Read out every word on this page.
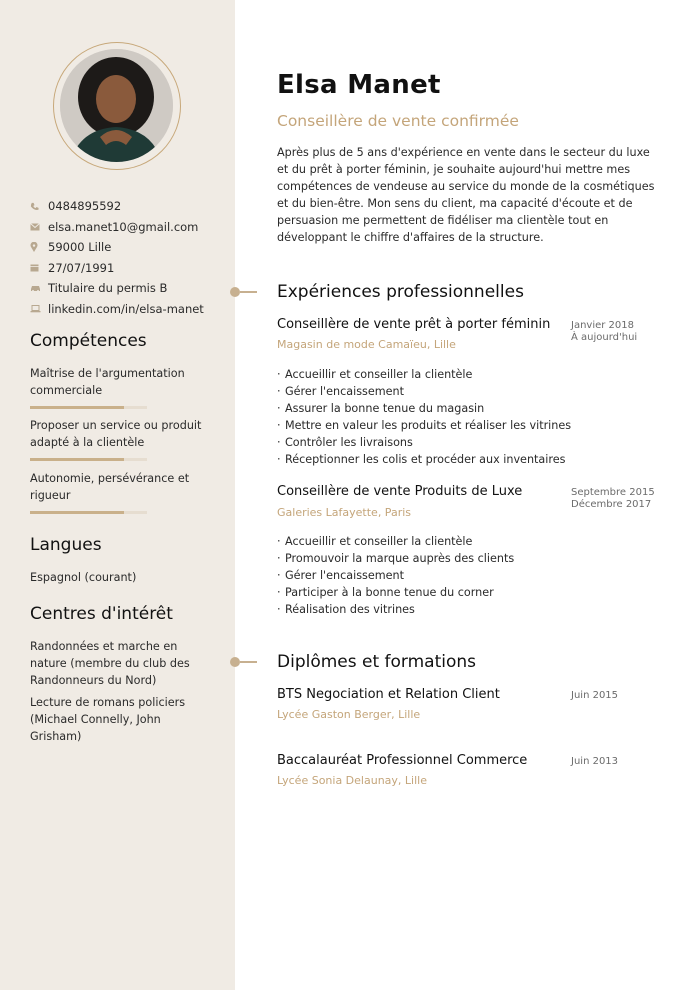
0484895592
elsa.manet10@gmail.com
59000 Lille
27/07/1991
Titulaire du permis B
linkedin.com/in/elsa-manet
Compétences
Maîtrise de l'argumentation commerciale
Proposer un service ou produit adapté à la clientèle
Autonomie, persévérance et rigueur
Langues
Espagnol (courant)
Centres d'intérêt
Randonnées et marche en nature (membre du club des Randonneurs du Nord)
Lecture de romans policiers (Michael Connelly, John Grisham)
Elsa Manet
Conseillère de vente confirmée
Après plus de 5 ans d'expérience en vente dans le secteur du luxe et du prêt à porter féminin, je souhaite aujourd'hui mettre mes compétences de vendeuse au service du monde de la cosmétiques et du bien-être. Mon sens du client, ma capacité d'écoute et de persuasion me permettent de fidéliser ma clientèle tout en développant le chiffre d'affaires de la structure.
Expériences professionnelles
Conseillère de vente prêt à porter féminin Janvier 2018
À aujourd'hui
Magasin de mode Camaïeu, Lille
· Accueillir et conseiller la clientèle
· Gérer l'encaissement
· Assurer la bonne tenue du magasin
· Mettre en valeur les produits et réaliser les vitrines
· Contrôler les livraisons
· Réceptionner les colis et procéder aux inventaires
Conseillère de vente Produits de Luxe	Septembre 2015
Décembre 2017
Galeries Lafayette, Paris
· Accueillir et conseiller la clientèle
· Promouvoir la marque auprès des clients
· Gérer l'encaissement
· Participer à la bonne tenue du corner
· Réalisation des vitrines
Diplômes et formations
BTS Negociation et Relation Client	Juin 2015
Lycée Gaston Berger, Lille
Baccalauréat Professionnel Commerce	Juin 2013
Lycée Sonia Delaunay, Lille
